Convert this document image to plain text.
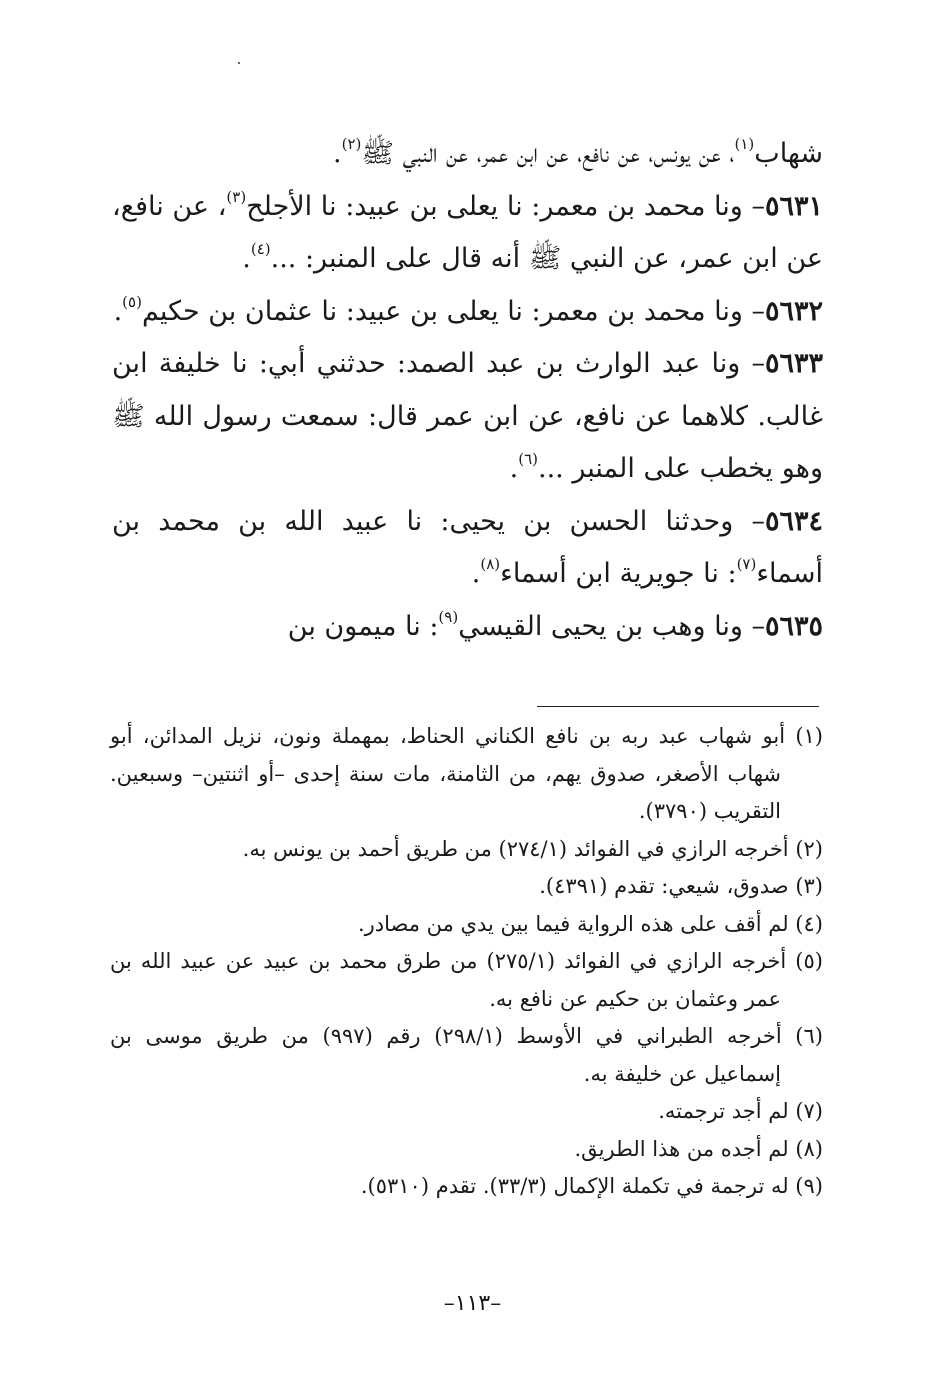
شهاب$^{(١)}$، عن يونس، عن نافع، عن ابن عمر، عن النبي ﷺ$^{(٢)}$.

٥٦٣١– ونا محمد بن معمر: نا يعلى بن عبيد: نا الأجلح$^{(٣)}$، عن نافع، عن ابن عمر، عن النبي ﷺ أنه قال على المنبر: ...$^{(٤)}$.

٥٦٣٢– ونا محمد بن معمر: نا يعلى بن عبيد: نا عثمان بن حكيم$^{(٥)}$.

٥٦٣٣– ونا عبد الوارث بن عبد الصمد: حدثني أبي: نا خليفة ابن غالب. كلاهما عن نافع، عن ابن عمر قال: سمعت رسول الله ﷺ وهو يخطب على المنبر ...$^{(٦)}$.

٥٦٣٤– وحدثنا الحسن بن يحيى: نا عبيد الله بن محمد بن أسماء$^{(٧)}$: نا جويرية ابن أسماء$^{(٨)}$.

٥٦٣٥– ونا وهب بن يحيى القيسي$^{(٩)}$: نا ميمون بن

(١) أبو شهاب عبد ربه بن نافع الكناني الحناط، بمهملة ونون، نزيل المدائن، أبو شهاب الأصغر، صدوق يهم، من الثامنة، مات سنة إحدى –أو اثنتين– وسبعين. التقريب (٣٧٩٠).

(٢) أخرجه الرازي في الفوائد (٢٧٤/١) من طريق أحمد بن يونس به.

(٣) صدوق، شيعي: تقدم (٤٣٩١).

(٤) لم أقف على هذه الرواية فيما بين يدي من مصادر.

(٥) أخرجه الرازي في الفوائد (٢٧٥/١) من طرق محمد بن عبيد عن عبيد الله بن عمر وعثمان بن حكيم عن نافع به.

(٦) أخرجه الطبراني في الأوسط (٢٩٨/١) رقم (٩٩٧) من طريق موسى بن إسماعيل عن خليفة به.

(٧) لم أجد ترجمته.

(٨) لم أجده من هذا الطريق.

(٩) له ترجمة في تكملة الإكمال (٣٣/٣). تقدم (٥٣١٠).

–١١٣–
